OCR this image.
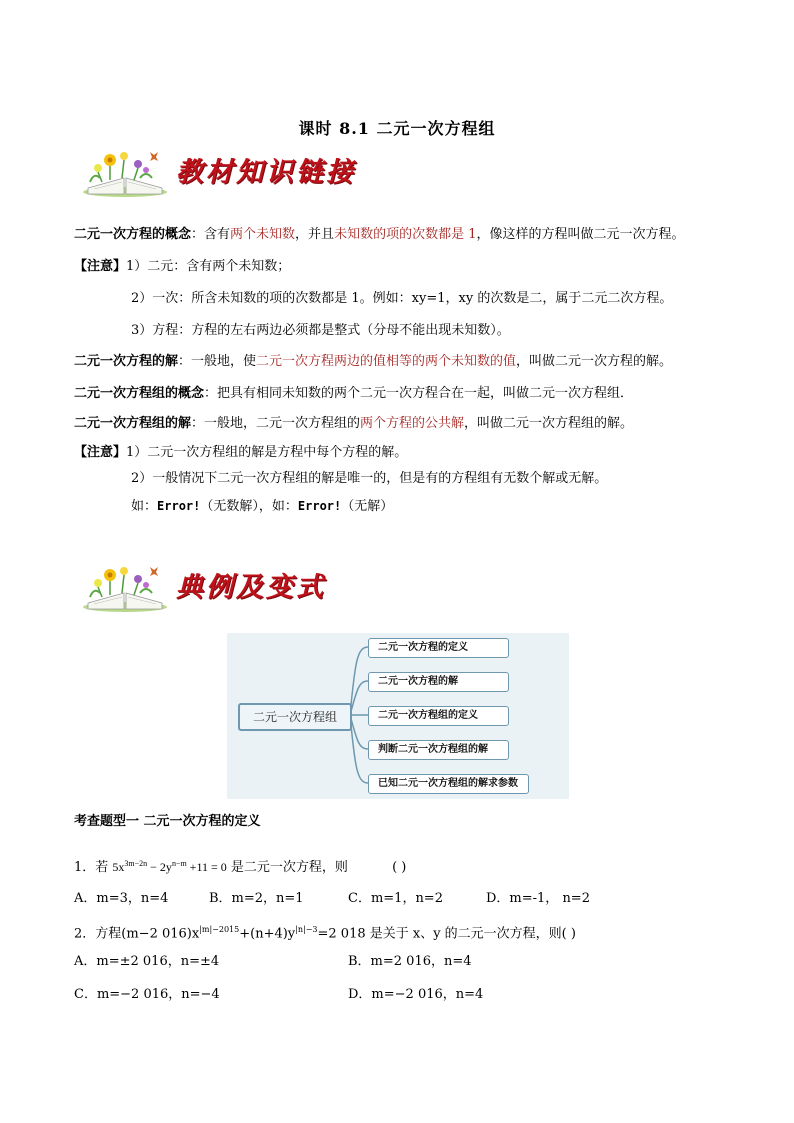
课时 8.1 二元一次方程组
教材知识链接
二元一次方程的概念：含有两个未知数，并且未知数的项的次数都是 1，像这样的方程叫做二元一次方程。
【注意】1）二元：含有两个未知数；
2）一次：所含未知数的项的次数都是 1。例如：xy=1，xy 的次数是二，属于二元二次方程。
3）方程：方程的左右两边必须都是整式（分母不能出现未知数）。
二元一次方程的解：一般地，使二元一次方程两边的值相等的两个未知数的值，叫做二元一次方程的解。
二元一次方程组的概念：把具有相同未知数的两个二元一次方程合在一起，叫做二元一次方程组．
二元一次方程组的解：一般地，二元一次方程组的两个方程的公共解，叫做二元一次方程组的解。
【注意】1）二元一次方程组的解是方程中每个方程的解。
2）一般情况下二元一次方程组的解是唯一的，但是有的方程组有无数个解或无解。
如：Error!（无数解），如：Error!（无解）
典例及变式
二元一次方程组
二元一次方程的定义
二元一次方程的解
二元一次方程组的定义
判断二元一次方程组的解
已知二元一次方程组的解求参数
考查题型一 二元一次方程的定义
1．若 $5x^{3m-2n} - 2y^{n-m} +11 = 0$ 是二元一次方程，则	( )
A．m=3，n=4	B．m=2，n=1	C．m=1，n=2	D．m=-1， n=2
2．方程(m−2 $016)x^{|m|-2015}+(n+4)y^{|n|-3}=2$ 018 是关于 x、y 的二元一次方程，则( )
A．m=±2 016，n=±4	B．m=2 016，n=4
C．m=−2 016，n=−4	D．m=−2 016，n=4
